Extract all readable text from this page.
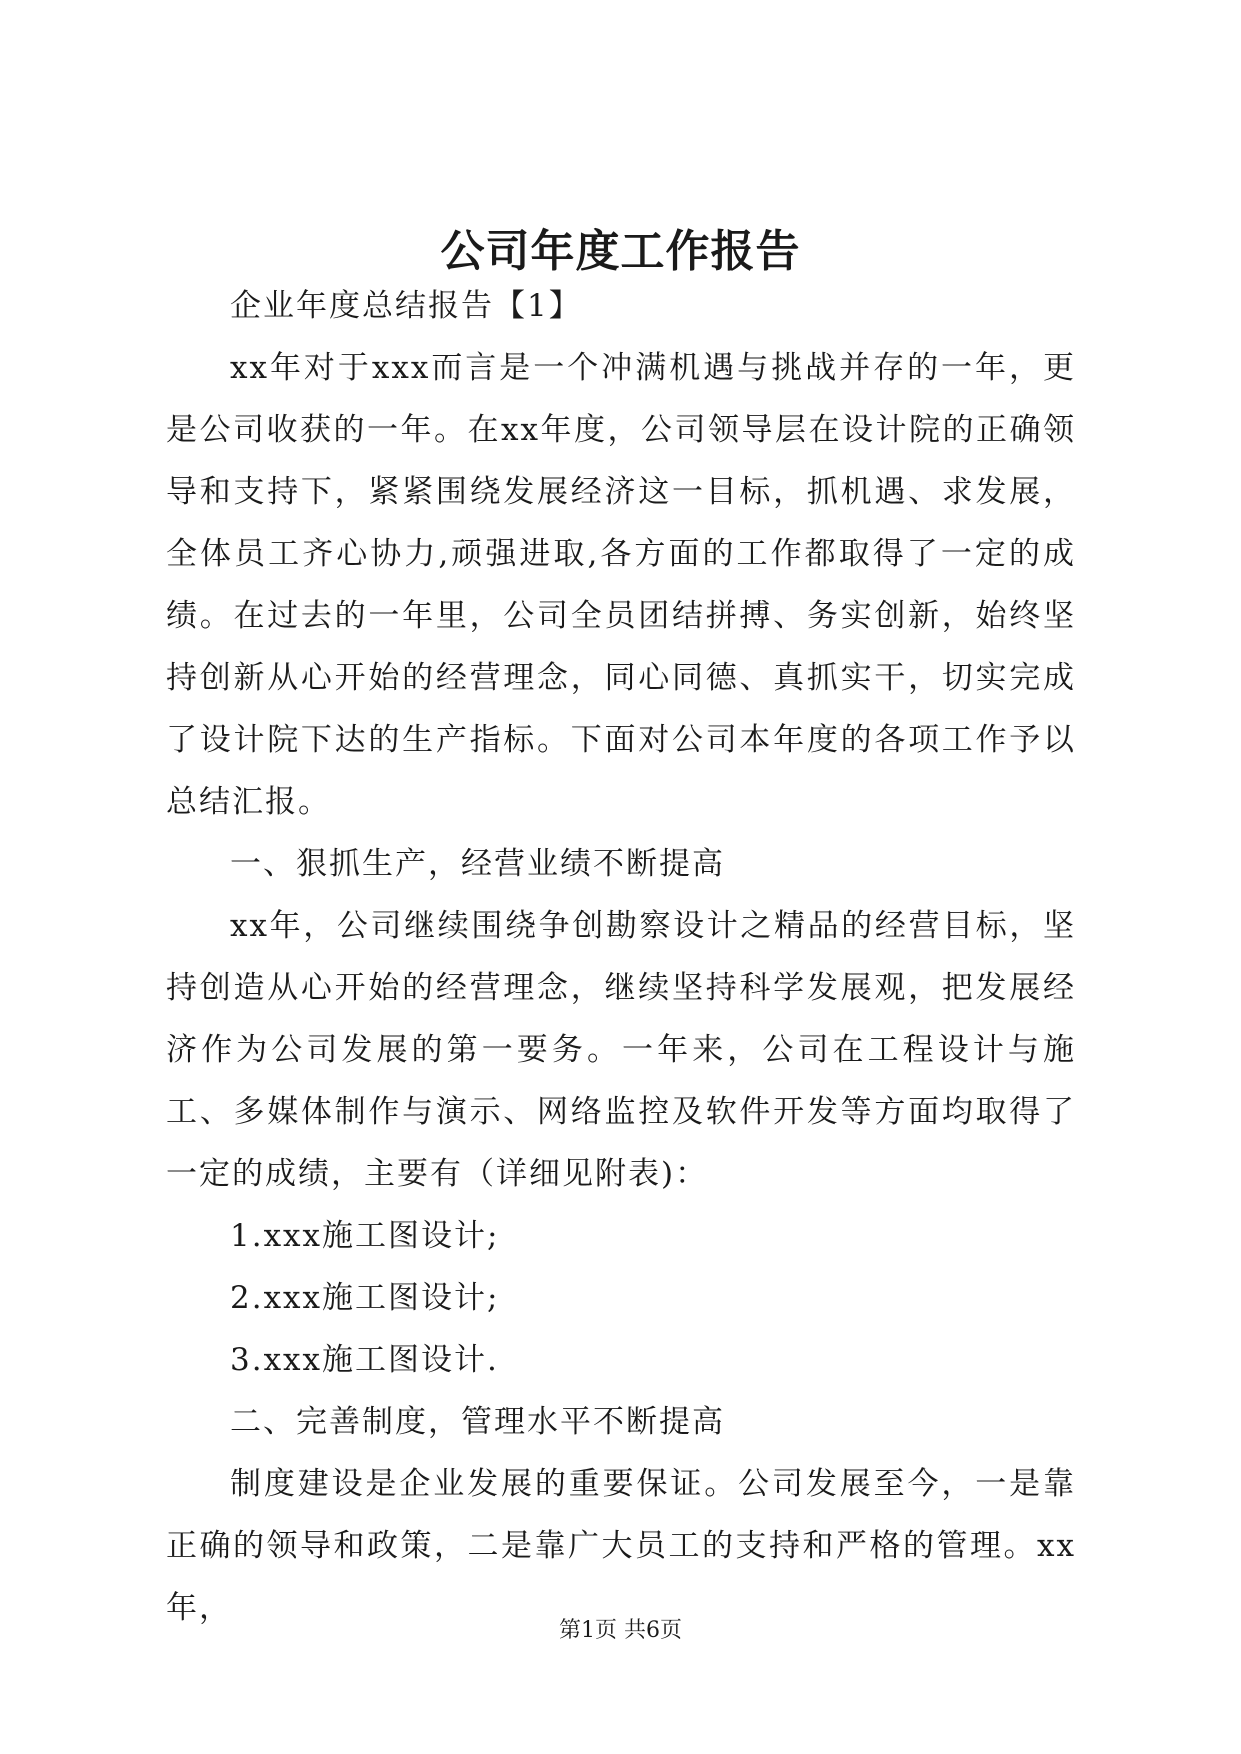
公司年度工作报告

企业年度总结报告【1】

xx年对于xxx而言是一个冲满机遇与挑战并存的一年，更是公司收获的一年。在xx年度，公司领导层在设计院的正确领导和支持下，紧紧围绕发展经济这一目标，抓机遇、求发展，全体员工齐心协力,顽强进取,各方面的工作都取得了一定的成绩。在过去的一年里，公司全员团结拼搏、务实创新，始终坚持创新从心开始的经营理念，同心同德、真抓实干，切实完成了设计院下达的生产指标。下面对公司本年度的各项工作予以总结汇报。

一、狠抓生产，经营业绩不断提高

xx年，公司继续围绕争创勘察设计之精品的经营目标，坚持创造从心开始的经营理念，继续坚持科学发展观，把发展经济作为公司发展的第一要务。一年来，公司在工程设计与施工、多媒体制作与演示、网络监控及软件开发等方面均取得了一定的成绩，主要有（详细见附表)：

1.xxx施工图设计;

2.xxx施工图设计;

3.xxx施工图设计.

二、完善制度，管理水平不断提高

制度建设是企业发展的重要保证。公司发展至今，一是靠正确的领导和政策，二是靠广大员工的支持和严格的管理。xx年，

第1页 共6页
